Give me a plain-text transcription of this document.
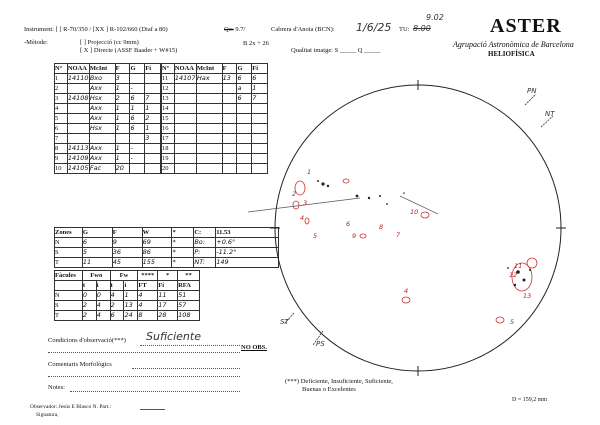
Instrument: [ ] R-70/350 / [XX ] R-102/660 (Diaf a 80)	Qo: 9.7/	Cabrera d'Anoia (BCN): 1/6/25 TU:
9.02
8.00
-Mètode:	[ ] Projecció (cc 9mm)
[ X ] Directe (ASSF Baader + W#15)
B 2x + 26
Qualitat imatge: S _____ Q _____
ASTER
Agrupació Astronòmica de Barcelona
HELIOFÍSICA
Nº	NOAA	McInt	F	G	Fi
1	14110	Bxo	3		
2		Axx	1	-	
3	14108	Hsx	2	6	7
4		Axx	1	1	1
5		Axx	1	6	2
6		Hsx	1	6	1
7					3
8	14113	Axx	1	-	
9	14109	Axx	1	-	
10	14105	Fac	20		
Nº	NOAA	McInt	F	G	Fi
11	14107	Hax	13	6	6
12				a	1
13				6	7
14					
15					
16					
17					
18					
19					
20					
Zones	G	F	W	*	C:	11.53
N	6	9	69	*	Bo:	+0.6°
S	5	36	86	*	P:	-11.2°
T	11	45	155	*	NT:	149
Fàcules	Fwo		Fw		****	*	**
	t	i	t	i	FT	Fi	RFA
N	0	0	4	1	4	11	51
S	2	4	2	13	4	17	57
T	2	4	6	24	8	28	108
Condicions d'observació(***) Suficiente
NO OBS.
Comentaris Morfològics
Notes:
Observador: Jesús E Blasco N. Part.:
Signatura,
(***) Deficiente, Insuficiente, Suficiente,
Buenas o Excelentes
D = 159,2 mm
1
2
3
4
5
6
9
8
7
11
12
13
10
4
5
PN
NT
PS
ST
